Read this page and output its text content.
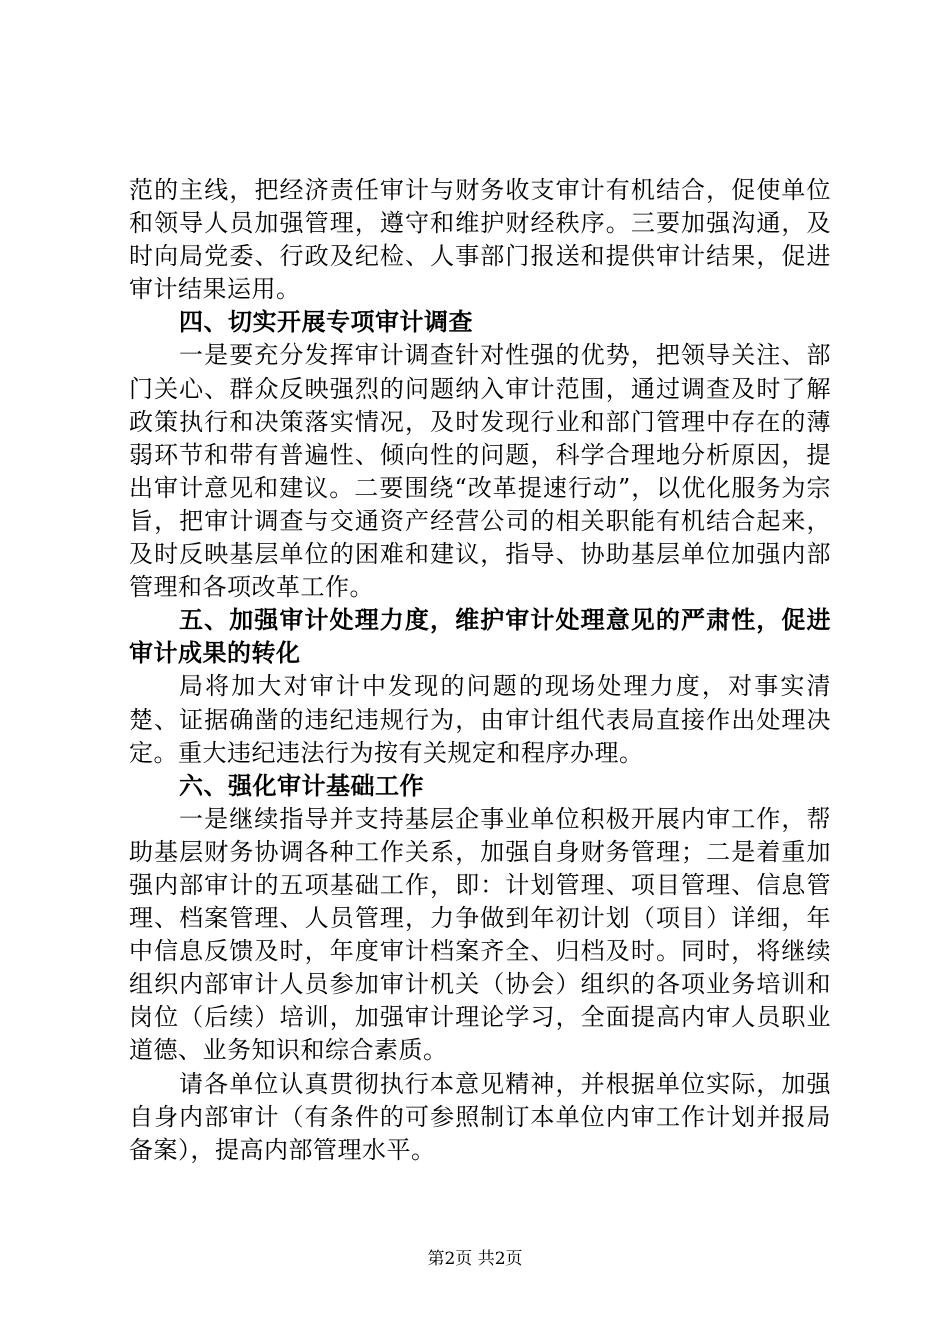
范的主线，把经济责任审计与财务收支审计有机结合，促使单位和领导人员加强管理，遵守和维护财经秩序。三要加强沟通，及时向局党委、行政及纪检、人事部门报送和提供审计结果，促进审计结果运用。

四、切实开展专项审计调查

一是要充分发挥审计调查针对性强的优势，把领导关注、部门关心、群众反映强烈的问题纳入审计范围，通过调查及时了解政策执行和决策落实情况，及时发现行业和部门管理中存在的薄弱环节和带有普遍性、倾向性的问题，科学合理地分析原因，提出审计意见和建议。二要围绕“改革提速行动”，以优化服务为宗旨，把审计调查与交通资产经营公司的相关职能有机结合起来，及时反映基层单位的困难和建议，指导、协助基层单位加强内部管理和各项改革工作。

五、加强审计处理力度，维护审计处理意见的严肃性，促进审计成果的转化

局将加大对审计中发现的问题的现场处理力度，对事实清楚、证据确凿的违纪违规行为，由审计组代表局直接作出处理决定。重大违纪违法行为按有关规定和程序办理。

六、强化审计基础工作

一是继续指导并支持基层企事业单位积极开展内审工作，帮助基层财务协调各种工作关系，加强自身财务管理；二是着重加强内部审计的五项基础工作，即：计划管理、项目管理、信息管理、档案管理、人员管理，力争做到年初计划（项目）详细，年中信息反馈及时，年度审计档案齐全、归档及时。同时，将继续组织内部审计人员参加审计机关（协会）组织的各项业务培训和岗位（后续）培训，加强审计理论学习，全面提高内审人员职业道德、业务知识和综合素质。

请各单位认真贯彻执行本意见精神，并根据单位实际，加强自身内部审计（有条件的可参照制订本单位内审工作计划并报局备案），提高内部管理水平。

第2页 共2页
